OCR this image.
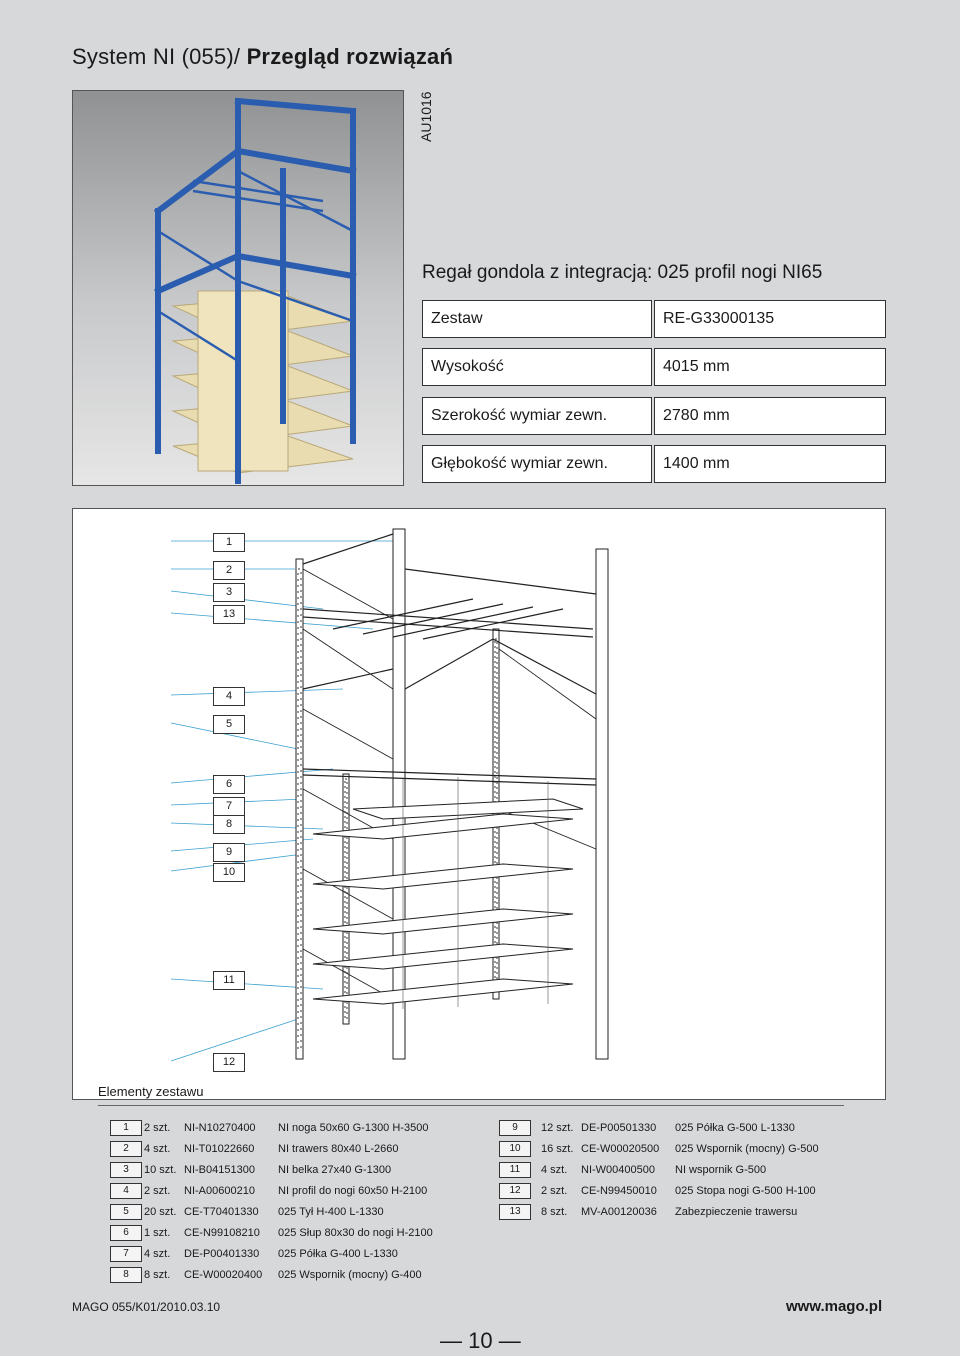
System NI (055)/ Przegląd rozwiązań
AU1016
Regał gondola z integracją: 025 profil nogi NI65
Zestaw	RE-G33000135
Wysokość	4015 mm
Szerokość wymiar zewn.	2780 mm
Głębokość wymiar zewn.	1400 mm
1
2
3
13
4
5
6
7
8
9
10
11
12
Elementy zestawu
1	2 szt. NI-N10270400 NI noga 50x60 G-1300 H-3500
2	4 szt. NI-T01022660 NI trawers 80x40 L-2660
3	10 szt. NI-B04151300 NI belka 27x40 G-1300
4	2 szt. NI-A00600210 NI profil do nogi 60x50 H-2100
5	20 szt. CE-T70401330 025 Tył H-400 L-1330
6	1 szt. CE-N99108210 025 Słup 80x30 do nogi H-2100
7	4 szt. DE-P00401330 025 Półka G-400 L-1330
8	8 szt. CE-W00020400 025 Wspornik (mocny) G-400
9	12 szt. DE-P00501330 025 Półka G-500 L-1330
10	16 szt. CE-W00020500 025 Wspornik (mocny) G-500
11	4 szt. NI-W00400500 NI wspornik G-500
12	2 szt. CE-N99450010 025 Stopa nogi G-500 H-100
13	8 szt. MV-A00120036 Zabezpieczenie trawersu
MAGO 055/K01/2010.03.10	www.mago.pl
— 10 —
